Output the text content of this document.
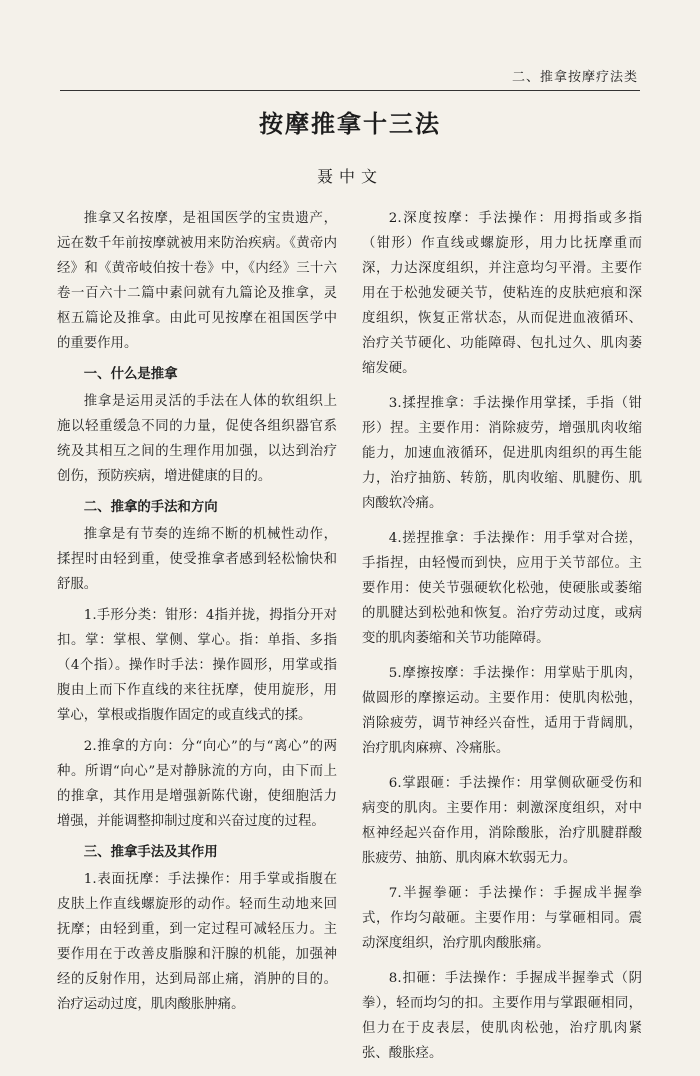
二、推拿按摩疗法类
按摩推拿十三法
聂中文

推拿又名按摩，是祖国医学的宝贵遗产，远在数千年前按摩就被用来防治疾病。《黄帝内经》和《黄帝岐伯按十卷》中，《内经》三十六卷一百六十二篇中素问就有九篇论及推拿，灵枢五篇论及推拿。由此可见按摩在祖国医学中的重要作用。

一、什么是推拿

推拿是运用灵活的手法在人体的软组织上施以轻重缓急不同的力量，促使各组织器官系统及其相互之间的生理作用加强，以达到治疗创伤，预防疾病，增进健康的目的。

二、推拿的手法和方向

推拿是有节奏的连绵不断的机械性动作，揉捏时由轻到重，使受推拿者感到轻松愉快和舒服。

1.手形分类：钳形：4指并拢，拇指分开对扣。掌：掌根、掌侧、掌心。指：单指、多指（4个指）。操作时手法：操作圆形，用掌或指腹由上而下作直线的来往抚摩，使用旋形，用掌心，掌根或指腹作固定的或直线式的揉。

2.推拿的方向：分“向心”的与“离心”的两种。所谓“向心”是对静脉流的方向，由下而上的推拿，其作用是增强新陈代谢，使细胞活力增强，并能调整抑制过度和兴奋过度的过程。

三、推拿手法及其作用

1.表面抚摩：手法操作：用手掌或指腹在皮肤上作直线螺旋形的动作。轻而生动地来回抚摩；由轻到重，到一定过程可减轻压力。主要作用在于改善皮脂腺和汗腺的机能，加强神经的反射作用，达到局部止痛，消肿的目的。治疗运动过度，肌肉酸胀肿痛。

2.深度按摩：手法操作：用拇指或多指（钳形）作直线或螺旋形，用力比抚摩重而深，力达深度组织，并注意均匀平滑。主要作用在于松弛发硬关节，使粘连的皮肤疤痕和深度组织，恢复正常状态，从而促进血液循环、治疗关节硬化、功能障碍、包扎过久、肌肉萎缩发硬。

3.揉捏推拿：手法操作用掌揉，手指（钳形）捏。主要作用：消除疲劳，增强肌肉收缩能力，加速血液循环，促进肌肉组织的再生能力，治疗抽筋、转筋，肌肉收缩、肌腱伤、肌肉酸软冷痛。

4.搓捏推拿：手法操作：用手掌对合搓，手指捏，由轻慢而到快，应用于关节部位。主要作用：使关节强硬软化松弛，使硬胀或萎缩的肌腱达到松弛和恢复。治疗劳动过度，或病变的肌肉萎缩和关节功能障碍。

5.摩擦按摩：手法操作：用掌贴于肌肉，做圆形的摩擦运动。主要作用：使肌肉松弛，消除疲劳，调节神经兴奋性，适用于背阔肌，治疗肌肉麻痹、冷痛胀。

6.掌跟砸：手法操作：用掌侧砍砸受伤和病变的肌肉。主要作用：刺激深度组织，对中枢神经起兴奋作用，消除酸胀，治疗肌腱群酸胀疲劳、抽筋、肌肉麻木软弱无力。

7.半握拳砸：手法操作：手握成半握拳式，作均匀敲砸。主要作用：与掌砸相同。震动深度组织，治疗肌肉酸胀痛。

8.扣砸：手法操作：手握成半握拳式（阴拳），轻而均匀的扣。主要作用与掌跟砸相同，但力在于皮表层，使肌肉松弛，治疗肌肉紧张、酸胀痉。
